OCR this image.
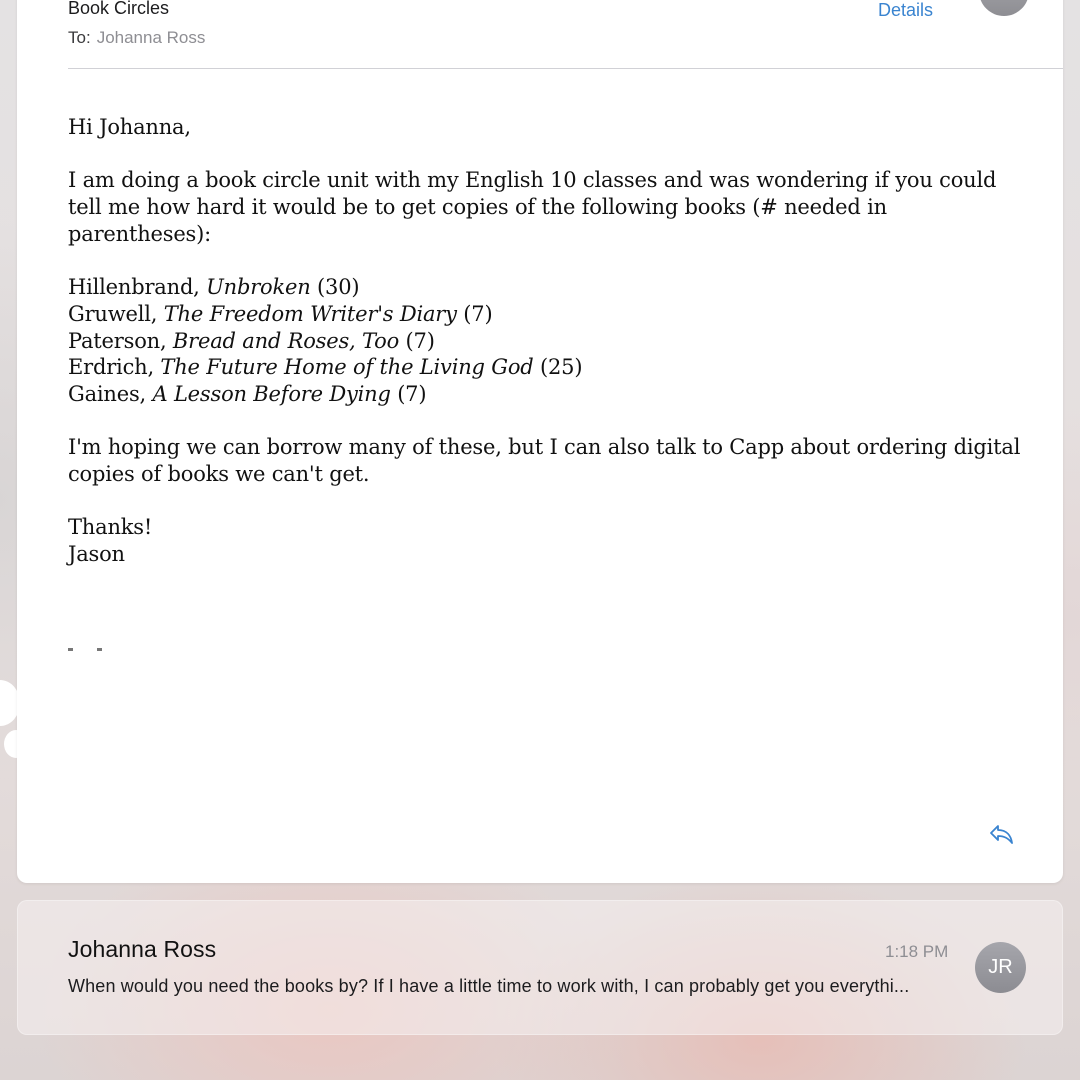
Book Circles
To: Johanna Ross
Details

Hi Johanna,

I am doing a book circle unit with my English 10 classes and was wondering if you could tell me how hard it would be to get copies of the following books (# needed in parentheses):

Hillenbrand, Unbroken (30)

Gruwell, The Freedom Writer's Diary (7)

Paterson, Bread and Roses, Too (7)

Erdrich, The Future Home of the Living God (25)

Gaines, A Lesson Before Dying (7)

I'm hoping we can borrow many of these, but I can also talk to Capp about ordering digital copies of books we can't get.

Thanks!

Jason

Johanna Ross	1:18 PM
When would you need the books by? If I have a little time to work with, I can probably get you everythi...
JR
